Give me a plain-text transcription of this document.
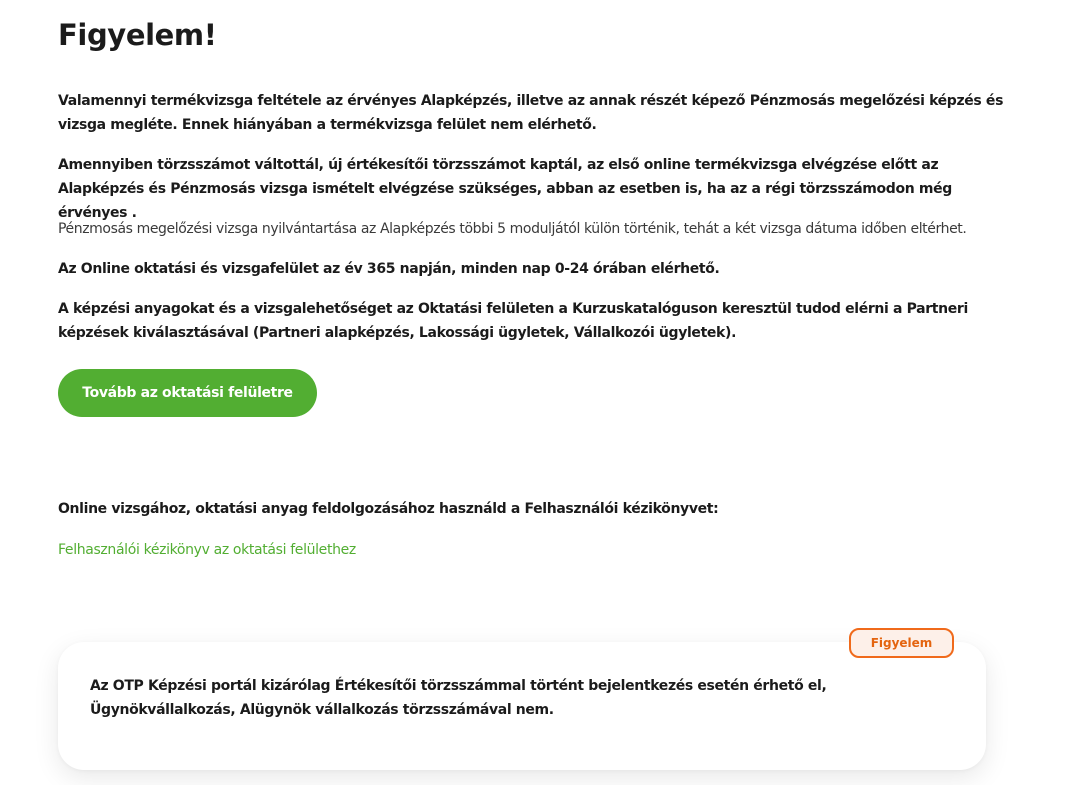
Figyelem!

Valamennyi termékvizsga feltétele az érvényes Alapképzés, illetve az annak részét képező Pénzmosás megelőzési képzés és vizsga megléte. Ennek hiányában a termékvizsga felület nem elérhető.

Amennyiben törzsszámot váltottál, új értékesítői törzsszámot kaptál, az első online termékvizsga elvégzése előtt az Alapképzés és Pénzmosás vizsga ismételt elvégzése szükséges, abban az esetben is, ha az a régi törzsszámodon még érvényes .

Pénzmosás megelőzési vizsga nyilvántartása az Alapképzés többi 5 moduljától külön történik, tehát a két vizsga dátuma időben eltérhet.

Az Online oktatási és vizsgafelület az év 365 napján, minden nap 0-24 órában elérhető.

A képzési anyagokat és a vizsgalehetőséget az Oktatási felületen a Kurzuskatalóguson keresztül tudod elérni a Partneri képzések kiválasztásával (Partneri alapképzés, Lakossági ügyletek, Vállalkozói ügyletek).

Tovább az oktatási felületre

Online vizsgához, oktatási anyag feldolgozásához használd a Felhasználói kézikönyvet:

Felhasználói kézikönyv az oktatási felülethez

Az OTP Képzési portál kizárólag Értékesítői törzsszámmal történt bejelentkezés esetén érhető el, Ügynökvállalkozás, Alügynök vállalkozás törzsszámával nem.

Figyelem
